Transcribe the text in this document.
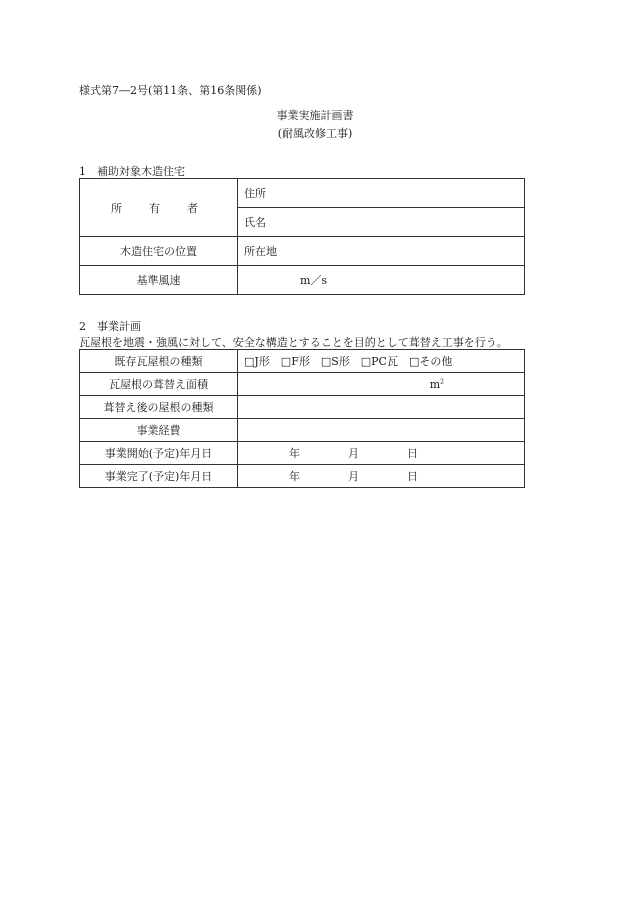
様式第7―2号(第11条、第16条関係)
事業実施計画書
(耐風改修工事)
1　補助対象木造住宅
所　有　者	住所
	氏名
木造住宅の位置	所在地
基準風速	m／s
2　事業計画
瓦屋根を地震・強風に対して、安全な構造とすることを目的として葺替え工事を行う。
既存瓦屋根の種類	□J形　□F形　□S形　□PC瓦　□その他
瓦屋根の葺替え面積	$m^2$
葺替え後の屋根の種類	
事業経費	
事業開始(予定)年月日	年 月 日
事業完了(予定)年月日	年 月 日
